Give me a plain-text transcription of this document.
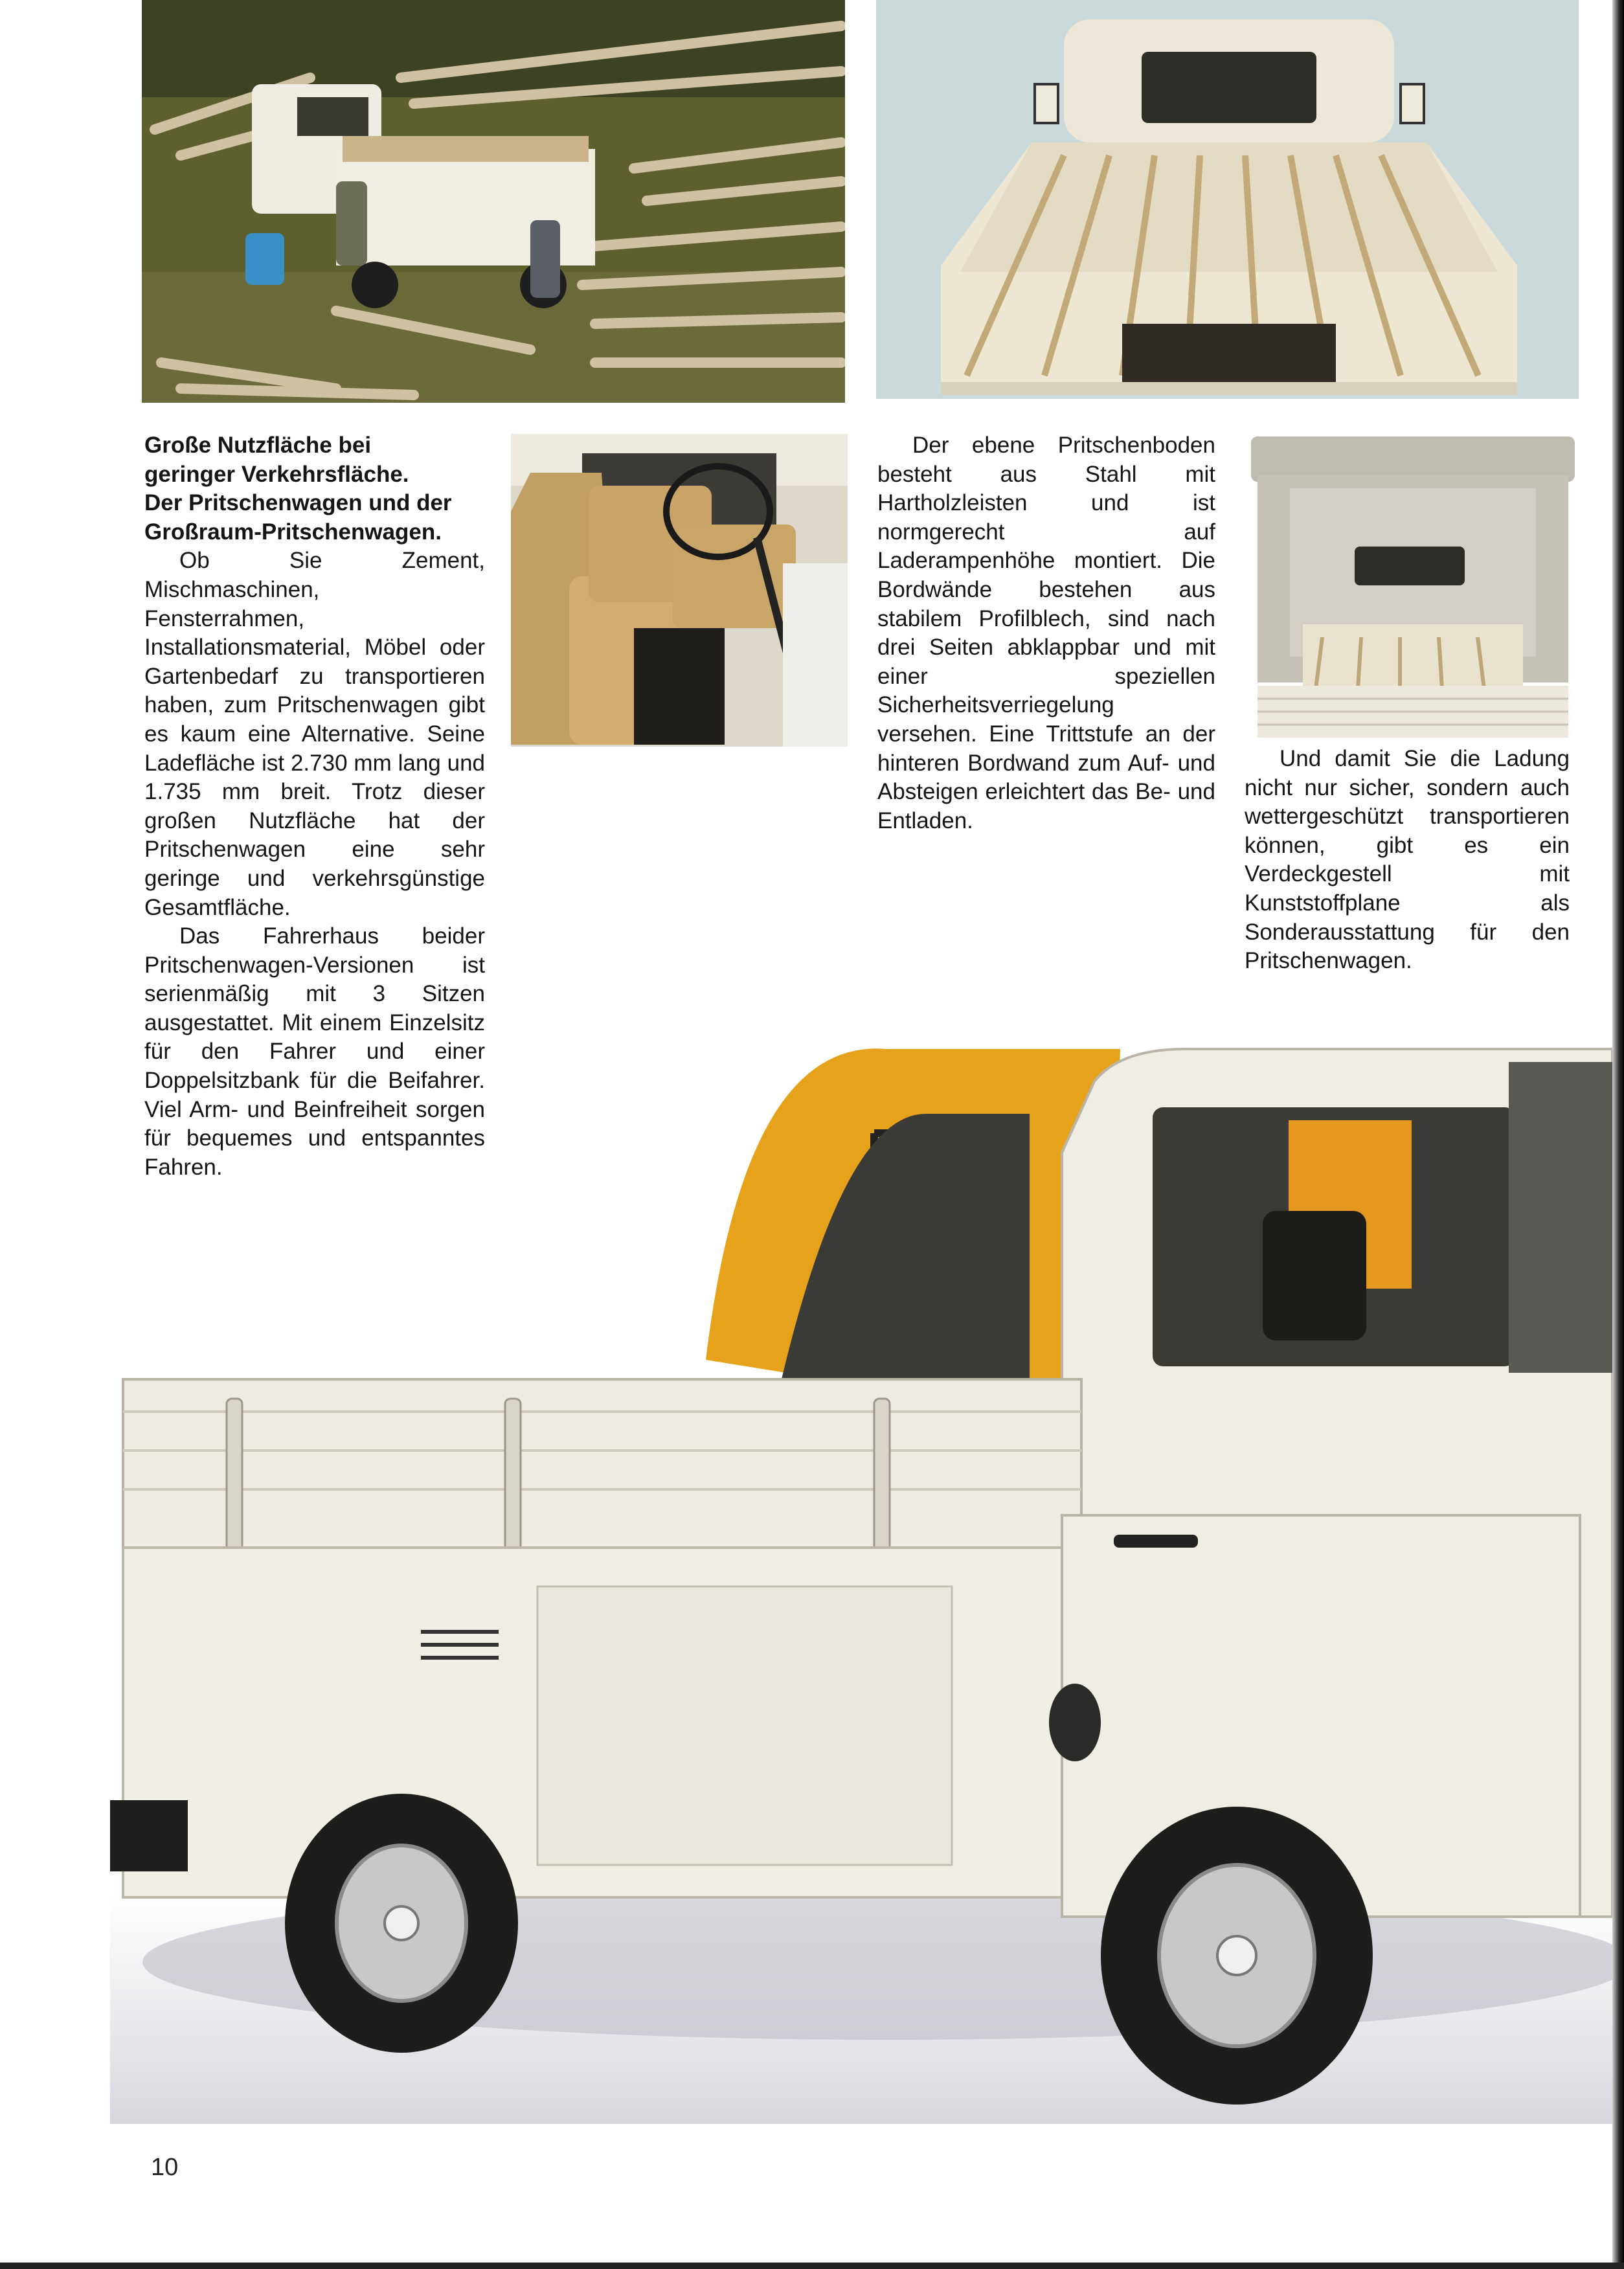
Große Nutzfläche bei

geringer Verkehrsfläche.

Der Pritschenwagen und der

Großraum-Pritschenwagen.

Ob Sie Zement, Mischmaschinen, Fensterrahmen, Installationsmaterial, Möbel oder Gartenbedarf zu transportieren haben, zum Pritschenwagen gibt es kaum eine Alternative. Seine Ladefläche ist 2.730 mm lang und 1.735 mm breit. Trotz dieser großen Nutzfläche hat der Pritschenwagen eine sehr geringe und verkehrsgünstige Gesamtfläche.

Das Fahrerhaus beider Pritschenwagen-Versionen ist serienmäßig mit 3 Sitzen ausgestattet. Mit einem Einzelsitz für den Fahrer und einer Doppelsitzbank für die Beifahrer. Viel Arm- und Beinfreiheit sorgen für bequemes und entspanntes Fahren.

Der ebene Pritschenboden besteht aus Stahl mit Hartholzleisten und ist normgerecht auf Laderampenhöhe montiert. Die Bordwände bestehen aus stabilem Profilblech, sind nach drei Seiten abklappbar und mit einer speziellen Sicherheitsverriegelung versehen. Eine Trittstufe an der hinteren Bordwand zum Auf- und Absteigen erleichtert das Be- und Entladen.

Und damit Sie die Ladung nicht nur sicher, sondern auch wettergeschützt transportieren können, gibt es ein Verdeckgestell mit Kunststoffplane als Sonderausstattung für den Pritschenwagen.

10
